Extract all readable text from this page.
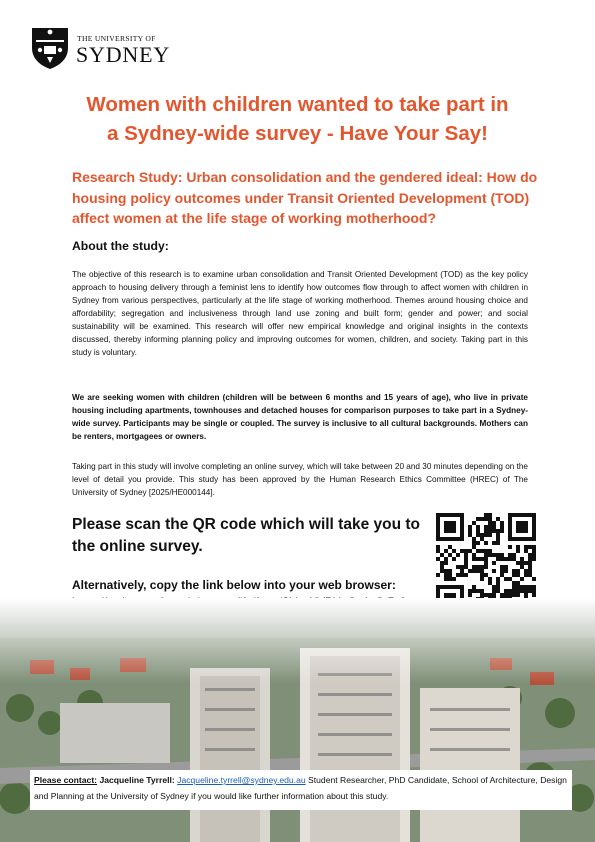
THE UNIVERSITY OF
SYDNEY
Women with children wanted to take part in
a Sydney-wide survey - Have Your Say!

Research Study: Urban consolidation and the gendered ideal: How do housing policy outcomes under Transit Oriented Development (TOD) affect women at the life stage of working motherhood?

About the study:

The objective of this research is to examine urban consolidation and Transit Oriented Development (TOD) as the key policy approach to housing delivery through a feminist lens to identify how outcomes flow through to affect women with children in Sydney from various perspectives, particularly at the life stage of working motherhood. Themes around housing choice and affordability; segregation and inclusiveness through land use zoning and built form; gender and power; and social sustainability will be examined. This research will offer new empirical knowledge and original insights in the contexts discussed, thereby informing planning policy and improving outcomes for women, children, and society. Taking part in this study is voluntary.

We are seeking women with children (children will be between 6 months and 15 years of age), who live in private housing including apartments, townhouses and detached houses for comparison purposes to take part in a Sydney-wide survey. Participants may be single or coupled. The survey is inclusive to all cultural backgrounds. Mothers can be renters, mortgagees or owners.

Taking part in this study will involve completing an online survey, which will take between 20 and 30 minutes depending on the level of detail you provide. This study has been approved by the Human Research Ethics Committee (HREC) of The University of Sydney [2025/HE000144].

Please scan the QR code which will take you to the online survey.

Alternatively, copy the link below into your web browser:

Please contact: Jacqueline Tyrrell: Jacqueline.tyrrell@sydney.edu.au Student Researcher, PhD Candidate, School of Architecture, Design and Planning at the University of Sydney if you would like further information about this study.
